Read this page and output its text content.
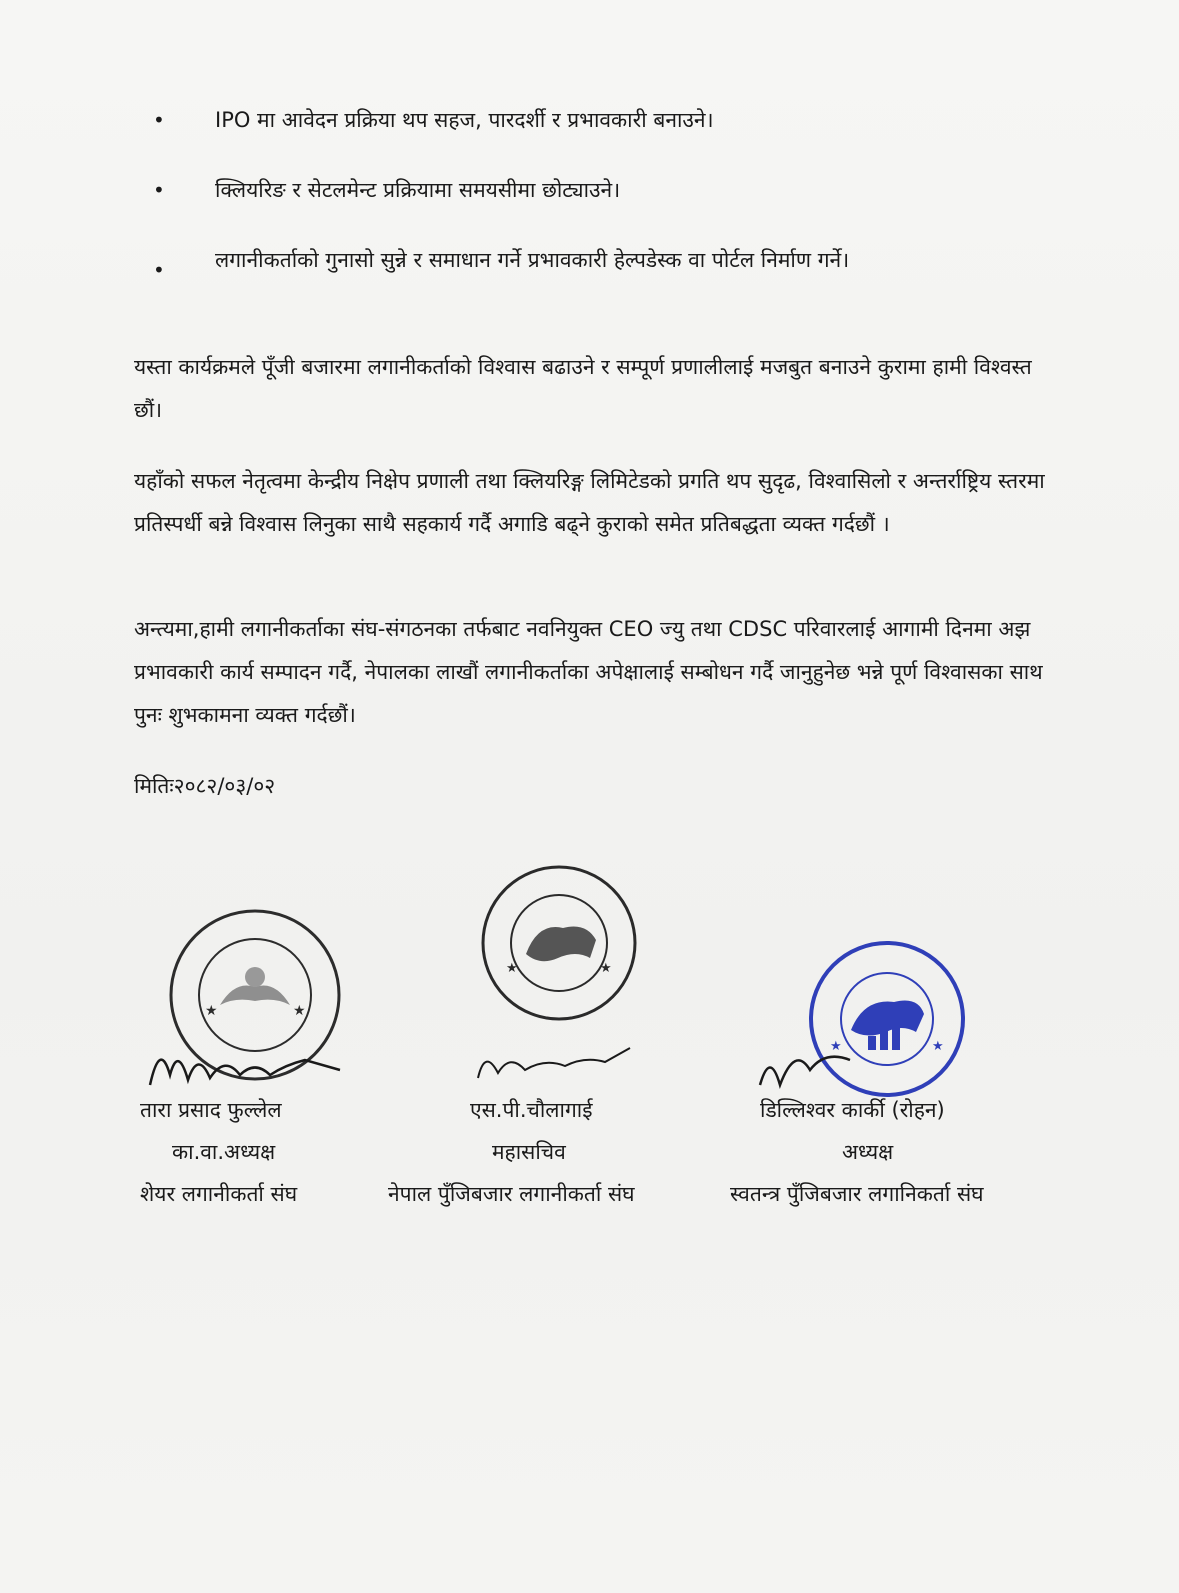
• IPO मा आवेदन प्रक्रिया थप सहज, पारदर्शी र प्रभावकारी बनाउने।
• क्लियरिङ र सेटलमेन्ट प्रक्रियामा समयसीमा छोट्याउने।
• लगानीकर्ताको गुनासो सुन्ने र समाधान गर्ने प्रभावकारी हेल्पडेस्क वा पोर्टल निर्माण गर्ने।

यस्ता कार्यक्रमले पूँजी बजारमा लगानीकर्ताको विश्वास बढाउने र सम्पूर्ण प्रणालीलाई मजबुत बनाउने कुरामा हामी विश्वस्त छौं।

यहाँको सफल नेतृत्वमा केन्द्रीय निक्षेप प्रणाली तथा क्लियरिङ्ग लिमिटेडको प्रगति थप सुदृढ, विश्वासिलो र अन्तर्राष्ट्रिय स्तरमा प्रतिस्पर्धी बन्ने विश्वास लिनुका साथै सहकार्य गर्दै अगाडि बढ्ने कुराको समेत प्रतिबद्धता व्यक्त गर्दछौं ।

अन्त्यमा,हामी लगानीकर्ताका संघ-संगठनका तर्फबाट नवनियुक्त CEO ज्यु तथा CDSC परिवारलाई आगामी दिनमा अझ प्रभावकारी कार्य सम्पादन गर्दै, नेपालका लाखौं लगानीकर्ताका अपेक्षालाई सम्बोधन गर्दै जानुहुनेछ भन्ने पूर्ण विश्वासका साथ पुनः शुभकामना व्यक्त गर्दछौं।

मितिः२०८२/०३/०२
★	★
★	★
★	★
तारा प्रसाद फुल्लेल
का.वा.अध्यक्ष
शेयर लगानीकर्ता संघ
एस.पी.चौलागाई
महासचिव
नेपाल पुँजिबजार लगानीकर्ता संघ
डिल्लिश्वर कार्की (रोहन)
अध्यक्ष
स्वतन्त्र पुँजिबजार लगानिकर्ता संघ
